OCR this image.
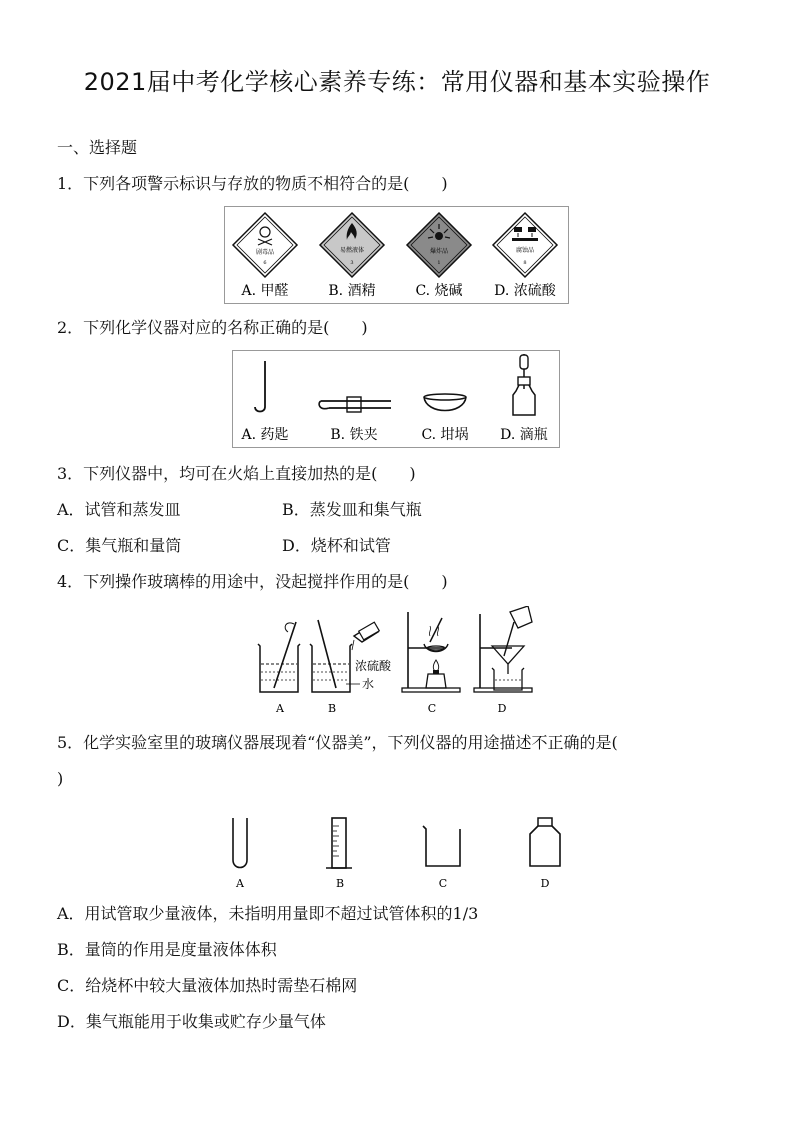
2021届中考化学核心素养专练：常用仪器和基本实验操作
一、选择题
1．下列各项警示标识与存放的物质不相符合的是(　　)
剧毒品
6
易燃液体
3
爆炸品
1
腐蚀品
8
A. 甲醛	B. 酒精	C. 烧碱 D. 浓硫酸
2．下列化学仪器对应的名称正确的是(　　)
A. 药匙	B. 铁夹	C. 坩埚 D. 滴瓶
3．下列仪器中，均可在火焰上直接加热的是(　　)
A．试管和蒸发皿	B．蒸发皿和集气瓶
C．集气瓶和量筒	D．烧杯和试管
4．下列操作玻璃棒的用途中，没起搅拌作用的是(　　)
浓硫酸
水
A	B	C	D
5．化学实验室里的玻璃仪器展现着“仪器美”，下列仪器的用途描述不正确的是(
)
A	B	C	D
A．用试管取少量液体，未指明用量即不超过试管体积的1/3
B．量筒的作用是度量液体体积
C．给烧杯中较大量液体加热时需垫石棉网
D．集气瓶能用于收集或贮存少量气体
